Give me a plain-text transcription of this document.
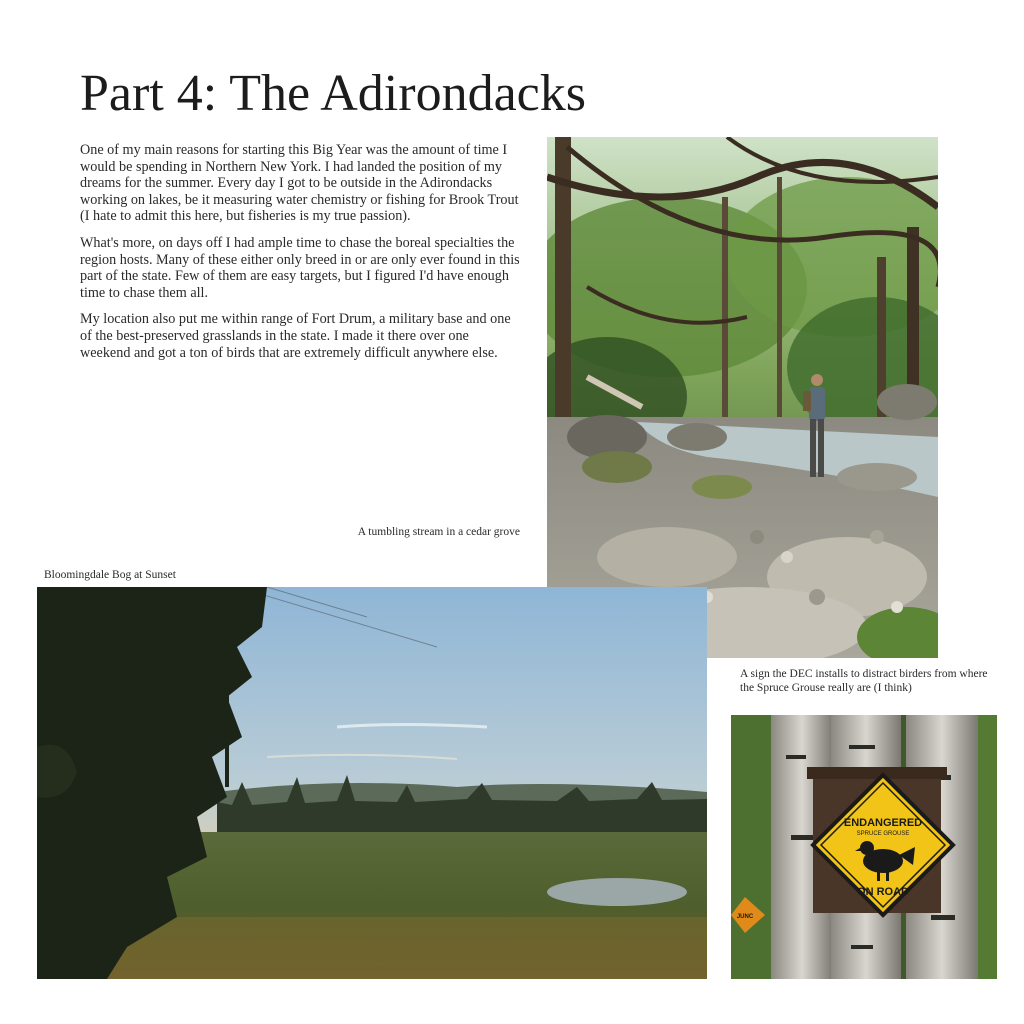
Part 4: The Adirondacks

One of my main reasons for starting this Big Year was the amount of time I would be spending in Northern New York. I had landed the position of my dreams for the summer. Every day I got to be outside in the Adirondacks working on lakes, be it measuring water chemistry or fishing for Brook Trout (I hate to admit this here, but fisheries is my true passion).

What's more, on days off I had ample time to chase the boreal specialties the region hosts. Many of these either only breed in or are only ever found in this part of the state. Few of them are easy targets, but I figured I'd have enough time to chase them all.

My location also put me within range of Fort Drum, a military base and one of the best-preserved grasslands in the state. I made it there over one weekend and got a ton of birds that are extremely difficult anywhere else.

A tumbling stream in a cedar grove
Bloomingdale Bog at Sunset
A sign the DEC installs to distract birders from where the Spruce Grouse really are (I think)
ENDANGERED
SPRUCE GROUSE
ON ROAD
JUNC
